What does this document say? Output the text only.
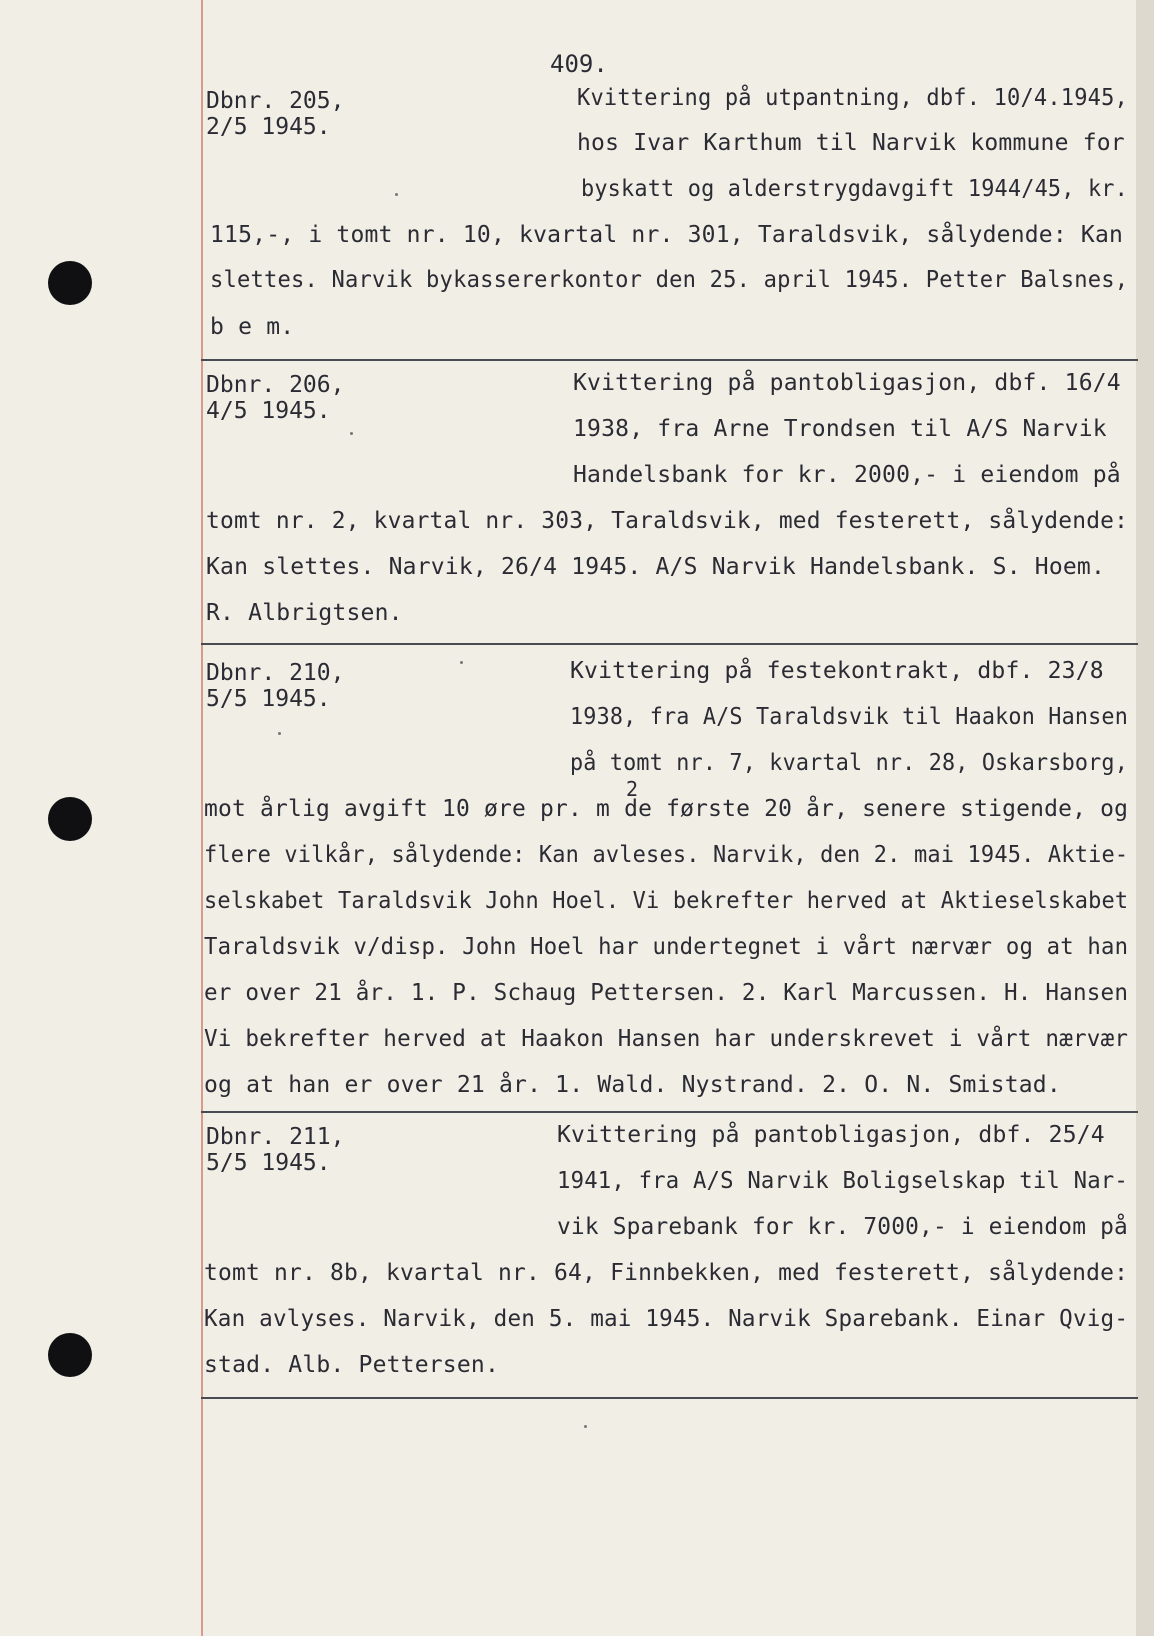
409.
Dbnr. 205,
2/5 1945.
Kvittering på utpantning, dbf. 10/4.1945,
hos Ivar Karthum til Narvik kommune for
byskatt og alderstrygdavgift 1944/45, kr.
115,-, i tomt nr. 10, kvartal nr. 301, Taraldsvik, sålydende: Kan
slettes. Narvik bykassererkontor den 25. april 1945. Petter Balsnes,
b e m.
Dbnr. 206,
4/5 1945.
Kvittering på pantobligasjon, dbf. 16/4
1938, fra Arne Trondsen til A/S Narvik
Handelsbank for kr. 2000,- i eiendom på
tomt nr. 2, kvartal nr. 303, Taraldsvik, med festerett, sålydende:
Kan slettes. Narvik, 26/4 1945. A/S Narvik Handelsbank. S. Hoem.
R. Albrigtsen.
Dbnr. 210,
5/5 1945.
Kvittering på festekontrakt, dbf. 23/8
1938, fra A/S Taraldsvik til Haakon Hansen
på tomt nr. 7, kvartal nr. 28, Oskarsborg,
mot årlig avgift 10 øre pr. m de første 20 år, senere stigende, og
2
flere vilkår, sålydende: Kan avleses. Narvik, den 2. mai 1945. Aktie-
selskabet Taraldsvik John Hoel. Vi bekrefter herved at Aktieselskabet
Taraldsvik v/disp. John Hoel har undertegnet i vårt nærvær og at han
er over 21 år. 1. P. Schaug Pettersen. 2. Karl Marcussen. H. Hansen
Vi bekrefter herved at Haakon Hansen har underskrevet i vårt nærvær
og at han er over 21 år. 1. Wald. Nystrand. 2. O. N. Smistad.
Dbnr. 211,
5/5 1945.
Kvittering på pantobligasjon, dbf. 25/4
1941, fra A/S Narvik Boligselskap til Nar-
vik Sparebank for kr. 7000,- i eiendom på
tomt nr. 8b, kvartal nr. 64, Finnbekken, med festerett, sålydende:
Kan avlyses. Narvik, den 5. mai 1945. Narvik Sparebank. Einar Qvig-
stad. Alb. Pettersen.
